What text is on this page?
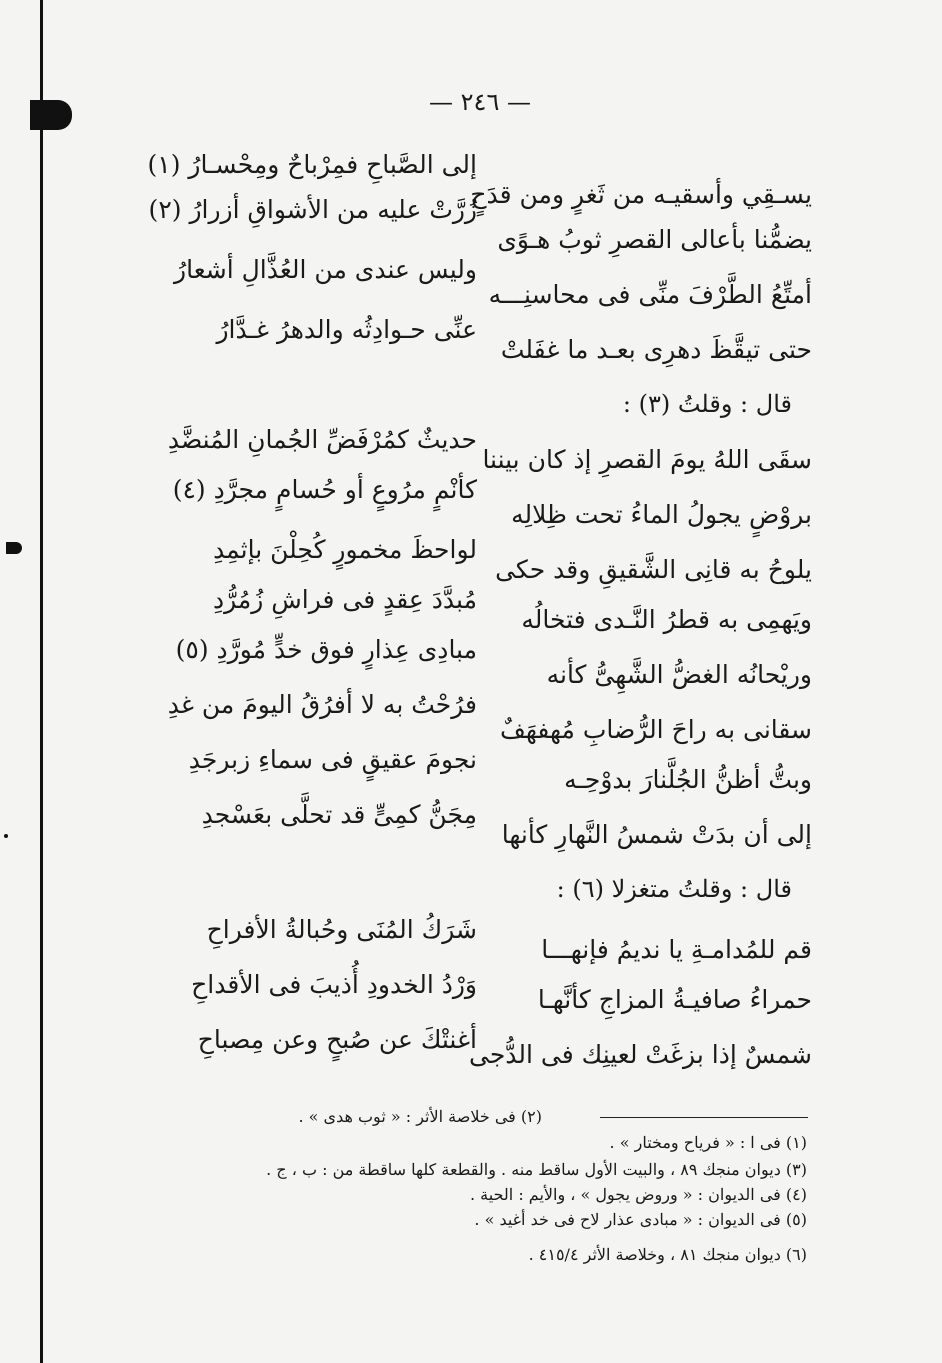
— ٢٤٦ —
يسـقِي وأسقيـه من ثَغرٍ ومن قدَحٍ
إلى الصَّباحِ فمِرْباحٌ ومِحْسـارُ (١)
يضمُّنا بأعالى القصرِ ثوبُ هـوًى
زُرَّتْ عليه من الأشواقِ أزرارُ (٢)
أمتِّعُ الطَّرْفَ منِّى فى محاسنِـــه
وليس عندى من العُذَّالِ أشعارُ
حتى تيقَّظَ دهرِى بعـد ما غفَلتْ
عنِّى حـوادِثُه والدهرُ غـدَّارُ
قال : وقلتُ (٣) :
سقَى اللهُ يومَ القصرِ إذ كان بيننا
حديثٌ كمُرْفَضِّ الجُمانِ المُنضَّدِ
بروْضٍ يجولُ الماءُ تحت ظِلالِه
كأنْمٍ مرُوعٍ أو حُسامٍ مجرَّدِ (٤)
يلوحُ به قانِى الشَّقيقِ وقد حكى
لواحظَ مخمورٍ كُحِلْنَ بإثمِدِ
ويَهمِى به قطرُ النَّـدى فتخالُه
مُبدَّدَ عِقدٍ فى فراشِ زُمُرُّدِ
وريْحانُه الغضُّ الشَّهِىُّ كأنه
مبادِى عِذارٍ فوق خدٍّ مُورَّدِ (٥)
سقانى به راحَ الرُّضابِ مُهفهَفٌ
فرُحْتُ به لا أفرُقُ اليومَ من غدِ
وبتُّ أظنُّ الجُلَّنارَ بدوْحِـه
نجومَ عقيقٍ فى سماءِ زبرجَدِ
إلى أن بدَتْ شمسُ النَّهارِ كأنها
مِجَنُّ كمِىٍّ قد تحلَّى بعَسْجدِ
قال : وقلتُ متغزلا (٦) :
قم للمُدامـةِ يا نديمُ فإنهـــا
شَرَكُ المُنَى وحُبالةُ الأفراحِ
حمراءُ صافيـةُ المزاجِ كأنَّهـا
وَرْدُ الخدودِ أُذيبَ فى الأقداحِ
شمسٌ إذا بزغَتْ لعينِك فى الدُّجى
أغنتْكَ عن صُبحٍ وعن مِصباحِ
(٢) فى خلاصة الأثر : « ثوب هدى » .
(١) فى ا : « فرياح ومختار » .
(٣) ديوان منجك ٨٩ ، والبيت الأول ساقط منه . والقطعة كلها ساقطة من : ب ، ج .
(٤) فى الديوان : « وروض يجول » ، والأيم : الحية .
(٥) فى الديوان : « مبادى عذار لاح فى خد أغيد » .
(٦) ديوان منجك ٨١ ، وخلاصة الأثر ٤١٥/٤ .
